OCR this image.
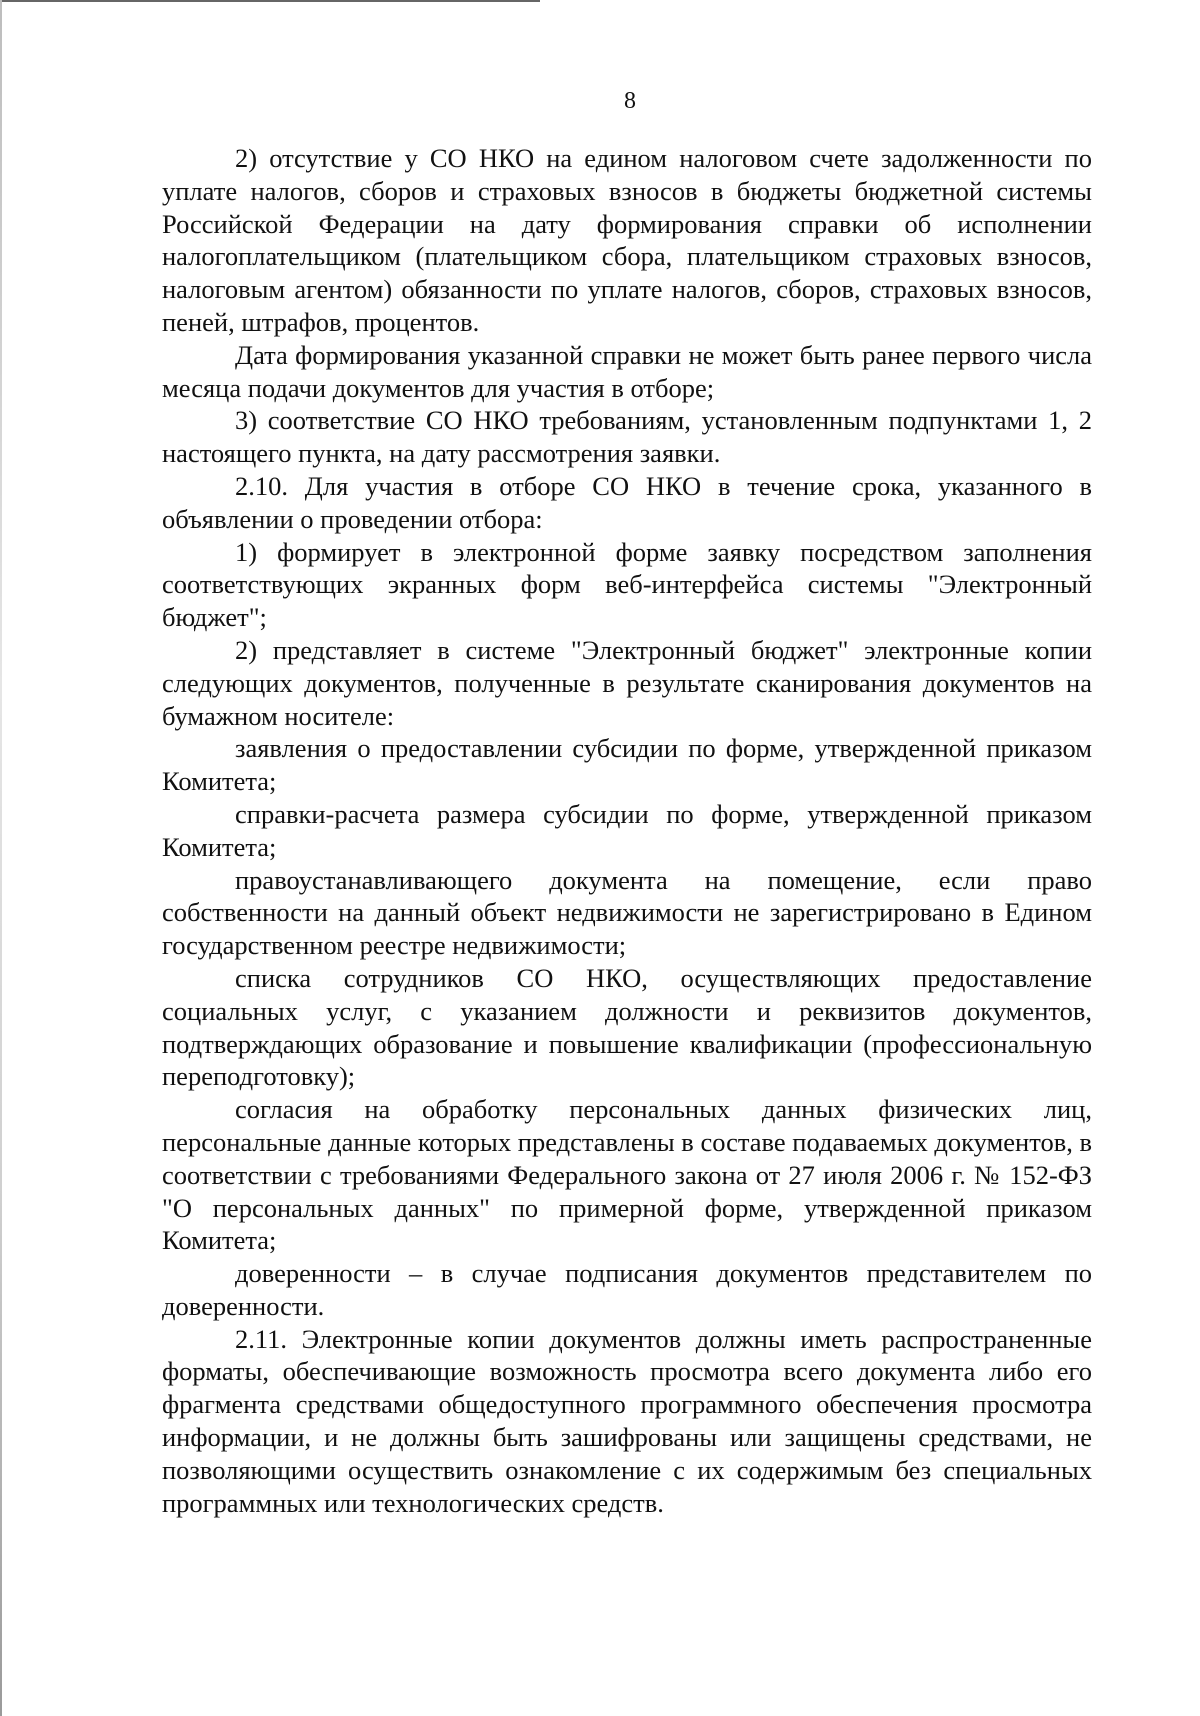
8

2) отсутствие у СО НКО на едином налоговом счете задолженности по уплате налогов, сборов и страховых взносов в бюджеты бюджетной системы Российской Федерации на дату формирования справки об исполнении налогоплательщиком (плательщиком сбора, плательщиком страховых взносов, налоговым агентом) обязанности по уплате налогов, сборов, страховых взносов, пеней, штрафов, процентов.

Дата формирования указанной справки не может быть ранее первого числа месяца подачи документов для участия в отборе;

3) соответствие СО НКО требованиям, установленным подпунктами 1, 2 настоящего пункта, на дату рассмотрения заявки.

2.10. Для участия в отборе СО НКО в течение срока, указанного в объявлении о проведении отбора:

1) формирует в электронной форме заявку посредством заполнения соответствующих экранных форм веб-интерфейса системы "Электронный бюджет";

2) представляет в системе "Электронный бюджет" электронные копии следующих документов, полученные в результате сканирования документов на бумажном носителе:

заявления о предоставлении субсидии по форме, утвержденной приказом Комитета;

справки-расчета размера субсидии по форме, утвержденной приказом Комитета;

правоустанавливающего документа на помещение, если право собственности на данный объект недвижимости не зарегистрировано в Едином государственном реестре недвижимости;

списка сотрудников СО НКО, осуществляющих предоставление социальных услуг, с указанием должности и реквизитов документов, подтверждающих образование и повышение квалификации (профессиональную переподготовку);

согласия на обработку персональных данных физических лиц, персональные данные которых представлены в составе подаваемых документов, в соответствии с требованиями Федерального закона от 27 июля 2006 г. № 152-ФЗ "О персональных данных" по примерной форме, утвержденной приказом Комитета;

доверенности – в случае подписания документов представителем по доверенности.

2.11. Электронные копии документов должны иметь распространенные форматы, обеспечивающие возможность просмотра всего документа либо его фрагмента средствами общедоступного программного обеспечения просмотра информации, и не должны быть зашифрованы или защищены средствами, не позволяющими осуществить ознакомление с их содержимым без специальных программных или технологических средств.
